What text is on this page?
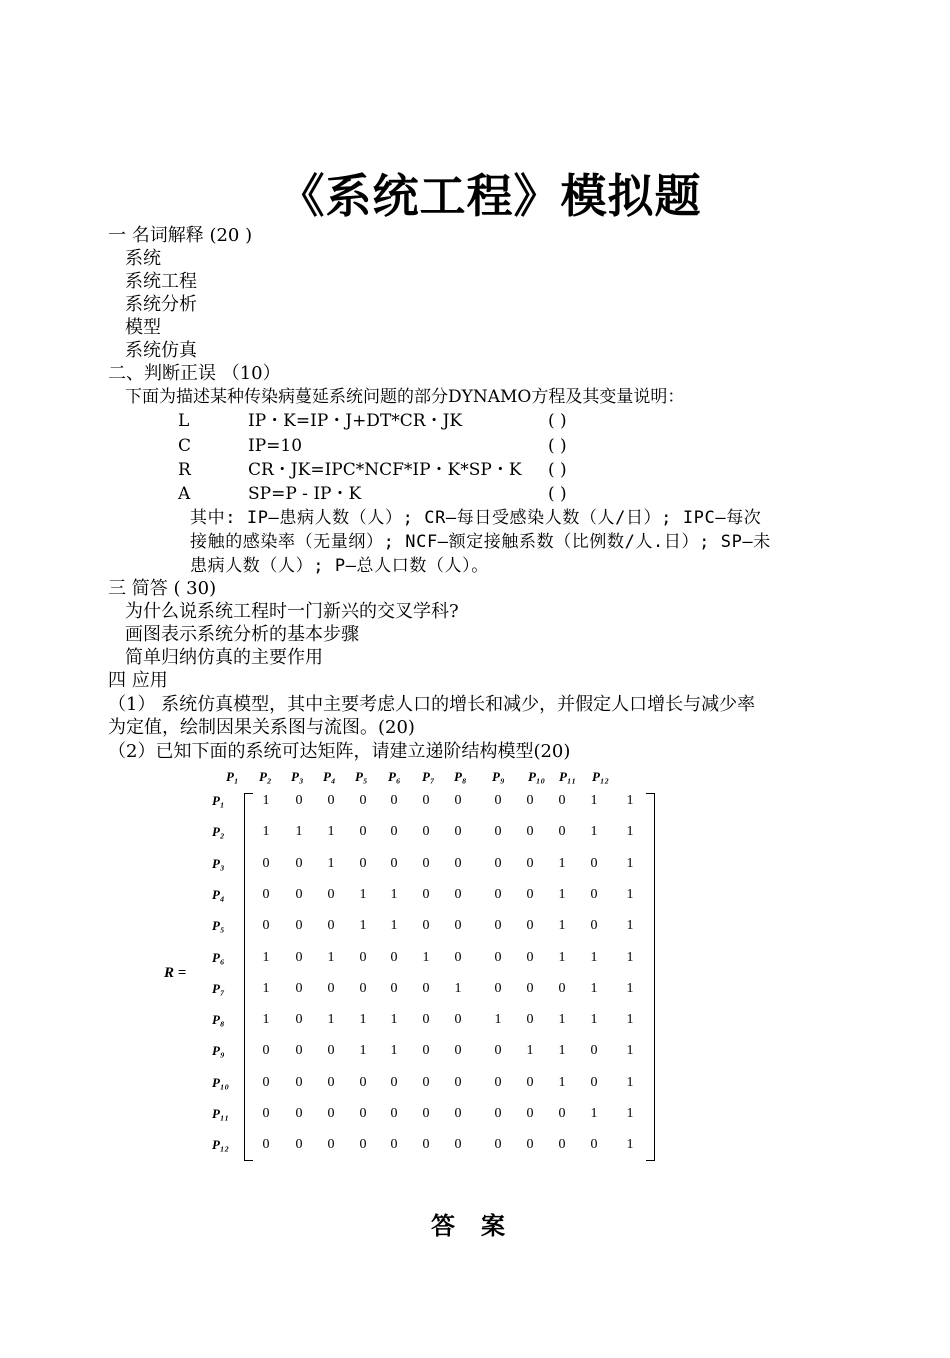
《系统工程》模拟题
一 名词解释 (20 )
系统
系统工程
系统分析
模型
系统仿真
二、判断正误 （10）
下面为描述某种传染病蔓延系统问题的部分DYNAMO方程及其变量说明：
L	IP・K=IP・J+DT*CR・JK	( )
C	IP=10	( )
R	CR・JK=IPC*NCF*IP・K*SP・K ( )
A	SP=P - IP・K	( )
其中: IP—患病人数（人）; CR—每日受感染人数（人/日）; IPC—每次
接触的感染率（无量纲）; NCF—额定接触系数（比例数/人.日）; SP—未
患病人数（人）; P—总人口数（人）。
三 简答 ( 30)
为什么说系统工程时一门新兴的交叉学科?
画图表示系统分析的基本步骤
简单归纳仿真的主要作用
四 应用
（1） 系统仿真模型，其中主要考虑人口的增长和减少，并假定人口增长与减少率
为定值，绘制因果关系图与流图。(20)
（2）已知下面的系统可达矩阵，请建立递阶结构模型(20)
R =
P₁ P₂ P₃ P₄ P₅ P₆ P₇ P₈ P₉ P₁₀ P₁₁ P₁₂
P₁	1	0	0	0	0	0	0	0	0	0	1	1
P₂	1	1	1	0	0	0	0	0	0	0	1	1
P₃	0	0	1	0	0	0	0	0	0	1	0	1
P₄	0	0	0	1	1	0	0	0	0	1	0	1
P₅	0	0	0	1	1	0	0	0	0	1	0	1
P₆	1	0	1	0	0	1	0	0	0	1	1	1
P₇	1	0	0	0	0	0	1	0	0	0	1	1
P₈	1	0	1	1	1	0	0	1	0	1	1	1
P₉	0	0	0	1	1	0	0	0	1	1	0	1
P₁₀	0	0	0	0	0	0	0	0	0	1	0	1
P₁₁	0	0	0	0	0	0	0	0	0	0	1	1
P₁₂	0	0	0	0	0	0	0	0	0	0	0	1
答案
